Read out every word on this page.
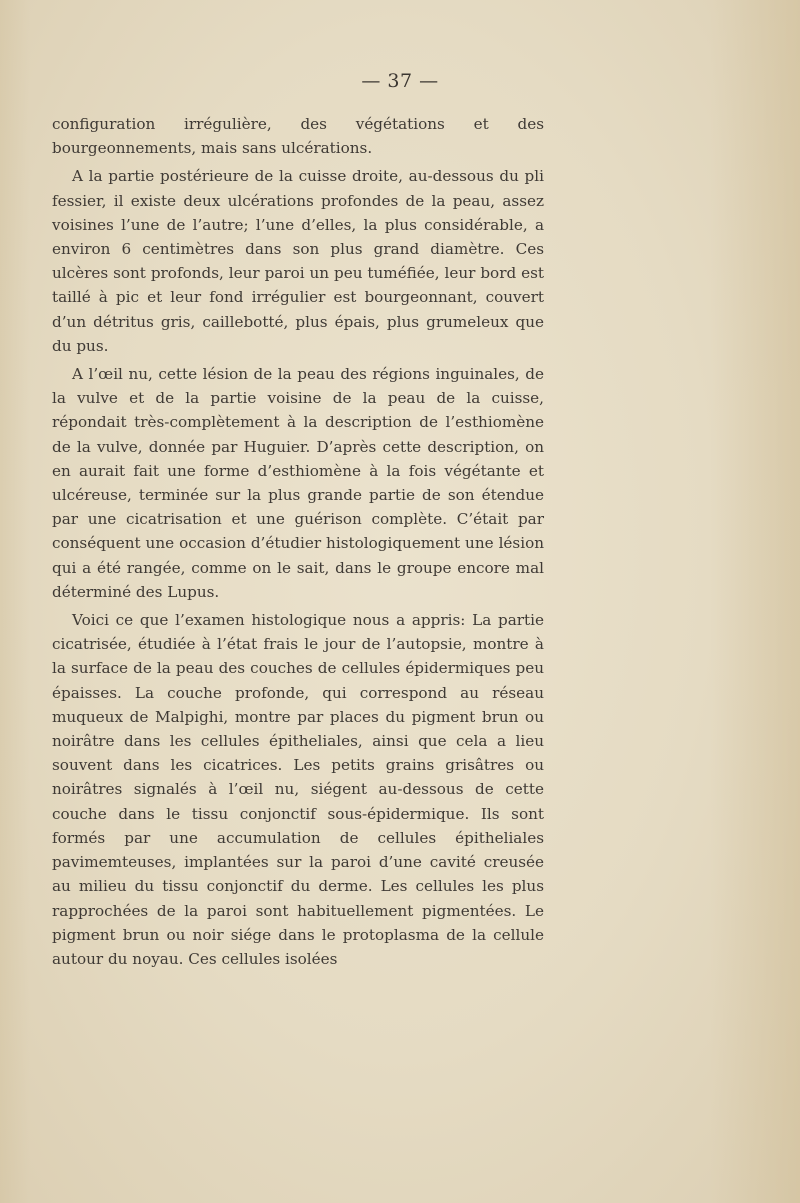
— 37 —

configuration irrégulière, des végétations et des bourgeonnements, mais sans ulcérations.

A la partie postérieure de la cuisse droite, au-dessous du pli fessier, il existe deux ulcérations profondes de la peau, assez voisines l’une de l’autre; l’une d’elles, la plus considérable, a environ 6 centimètres dans son plus grand diamètre. Ces ulcères sont profonds, leur paroi un peu tuméfiée, leur bord est taillé à pic et leur fond irrégulier est bourgeonnant, couvert d’un détritus gris, caillebotté, plus épais, plus grumeleux que du pus.

A l’œil nu, cette lésion de la peau des régions inguinales, de la vulve et de la partie voisine de la peau de la cuisse, répondait très-complètement à la description de l’esthiomène de la vulve, donnée par Huguier. D’après cette description, on en aurait fait une forme d’esthiomène à la fois végétante et ulcéreuse, terminée sur la plus grande partie de son étendue par une cicatrisation et une guérison complète. C’était par conséquent une occasion d’étudier histologiquement une lésion qui a été rangée, comme on le sait, dans le groupe encore mal déterminé des Lupus.

Voici ce que l’examen histologique nous a appris: La partie cicatrisée, étudiée à l’état frais le jour de l’autopsie, montre à la surface de la peau des couches de cellules épidermiques peu épaisses. La couche profonde, qui correspond au réseau muqueux de Malpighi, montre par places du pigment brun ou noirâtre dans les cellules épitheliales, ainsi que cela a lieu souvent dans les cicatrices. Les petits grains grisâtres ou noirâtres signalés à l’œil nu, siégent au-dessous de cette couche dans le tissu conjonctif sous-épidermique. Ils sont formés par une accumulation de cellules épitheliales pavimemteuses, implantées sur la paroi d’une cavité creusée au milieu du tissu conjonctif du derme. Les cellules les plus rapprochées de la paroi sont habituellement pigmentées. Le pigment brun ou noir siége dans le protoplasma de la cellule autour du noyau. Ces cellules isolées
